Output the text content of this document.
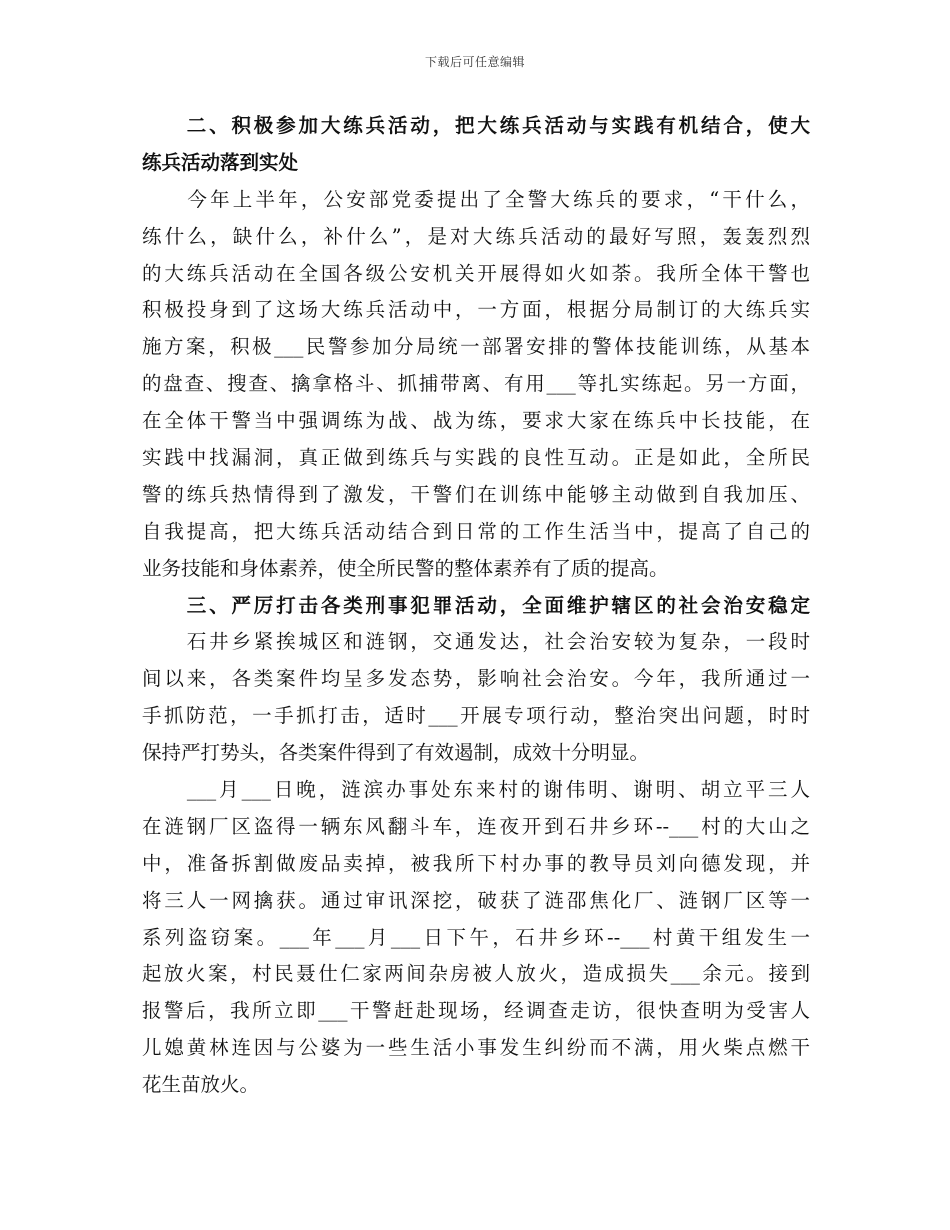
下载后可任意编辑
　　二、积极参加大练兵活动，把大练兵活动与实践有机结合，使大
练兵活动落到实处
　　今年上半年，公安部党委提出了全警大练兵的要求，“干什么，
练什么，缺什么，补什么”，是对大练兵活动的最好写照，轰轰烈烈
的大练兵活动在全国各级公安机关开展得如火如荼。我所全体干警也
积极投身到了这场大练兵活动中，一方面，根据分局制订的大练兵实
施方案，积极___民警参加分局统一部署安排的警体技能训练，从基本
的盘查、搜查、擒拿格斗、抓捕带离、有用___等扎实练起。另一方面，
在全体干警当中强调练为战、战为练，要求大家在练兵中长技能，在
实践中找漏洞，真正做到练兵与实践的良性互动。正是如此，全所民
警的练兵热情得到了激发，干警们在训练中能够主动做到自我加压、
自我提高，把大练兵活动结合到日常的工作生活当中，提高了自己的
业务技能和身体素养，使全所民警的整体素养有了质的提高。
　　三、严厉打击各类刑事犯罪活动，全面维护辖区的社会治安稳定
　　石井乡紧挨城区和涟钢，交通发达，社会治安较为复杂，一段时
间以来，各类案件均呈多发态势，影响社会治安。今年，我所通过一
手抓防范，一手抓打击，适时___开展专项行动，整治突出问题，时时
保持严打势头，各类案件得到了有效遏制，成效十分明显。
　　___月___日晚，涟滨办事处东来村的谢伟明、谢明、胡立平三人
在涟钢厂区盗得一辆东风翻斗车，连夜开到石井乡环--___村的大山之
中，准备拆割做废品卖掉，被我所下村办事的教导员刘向德发现，并
将三人一网擒获。通过审讯深挖，破获了涟邵焦化厂、涟钢厂区等一
系列盗窃案。___年___月___日下午，石井乡环--___村黄干组发生一
起放火案，村民聂仕仁家两间杂房被人放火，造成损失___余元。接到
报警后，我所立即___干警赶赴现场，经调查走访，很快查明为受害人
儿媳黄林连因与公婆为一些生活小事发生纠纷而不满，用火柴点燃干
花生苗放火。
